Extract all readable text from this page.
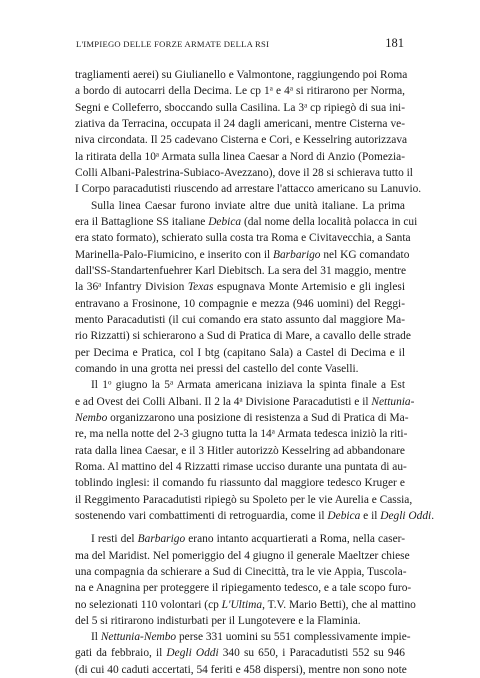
L'IMPIEGO DELLE FORZE ARMATE DELLA RSI	181

tragliamenti aerei) su Giulianello e Valmontone, raggiungendo poi Roma

a bordo di autocarri della Decima. Le cp 1$^a$ e 4$^a$ si ritirarono per Norma,

Segni e Colleferro, sboccando sulla Casilina. La 3$^a$ cp ripiegò di sua ini-

ziativa da Terracina, occupata il 24 dagli americani, mentre Cisterna ve-

niva circondata. Il 25 cadevano Cisterna e Cori, e Kesselring autorizzava

la ritirata della 10$^a$ Armata sulla linea Caesar a Nord di Anzio (Pomezia-

Colli Albani-Palestrina-Subiaco-Avezzano), dove il 28 si schierava tutto il

I Corpo paracadutisti riuscendo ad arrestare l'attacco americano su Lanuvio.

Sulla linea Caesar furono inviate altre due unità italiane. La prima

era il Battaglione SS italiane Debica (dal nome della località polacca in cui

era stato formato), schierato sulla costa tra Roma e Civitavecchia, a Santa

Marinella-Palo-Fiumicino, e inserito con il Barbarigo nel KG comandato

dall'SS-Standartenfuehrer Karl Diebitsch. La sera del 31 maggio, mentre

la 36$^a$ Infantry Division Texas espugnava Monte Artemisio e gli inglesi

entravano a Frosinone, 10 compagnie e mezza (946 uomini) del Reggi-

mento Paracadutisti (il cui comando era stato assunto dal maggiore Ma-

rio Rizzatti) si schierarono a Sud di Pratica di Mare, a cavallo delle strade

per Decima e Pratica, col I btg (capitano Sala) a Castel di Decima e il

comando in una grotta nei pressi del castello del conte Vaselli.

Il 1$^o$ giugno la 5$^a$ Armata americana iniziava la spinta finale a Est

e ad Ovest dei Colli Albani. Il 2 la 4$^a$ Divisione Paracadutisti e il Nettunia-

Nembo organizzarono una posizione di resistenza a Sud di Pratica di Ma-

re, ma nella notte del 2-3 giugno tutta la 14$^a$ Armata tedesca iniziò la riti-

rata dalla linea Caesar, e il 3 Hitler autorizzò Kesselring ad abbandonare

Roma. Al mattino del 4 Rizzatti rimase ucciso durante una puntata di au-

toblindo inglesi: il comando fu riassunto dal maggiore tedesco Kruger e

il Reggimento Paracadutisti ripiegò su Spoleto per le vie Aurelia e Cassia,

sostenendo vari combattimenti di retroguardia, come il Debica e il Degli Oddi.

I resti del Barbarigo erano intanto acquartierati a Roma, nella caser-

ma del Maridist. Nel pomeriggio del 4 giugno il generale Maeltzer chiese

una compagnia da schierare a Sud di Cinecittà, tra le vie Appia, Tuscola-

na e Anagnina per proteggere il ripiegamento tedesco, e a tale scopo furo-

no selezionati 110 volontari (cp L'Ultima, T.V. Mario Betti), che al mattino

del 5 si ritirarono indisturbati per il Lungotevere e la Flaminia.

Il Nettunia-Nembo perse 331 uomini su 551 complessivamente impie-

gati da febbraio, il Degli Oddi 340 su 650, i Paracadutisti 552 su 946

(di cui 40 caduti accertati, 54 feriti e 458 dispersi), mentre non sono note
